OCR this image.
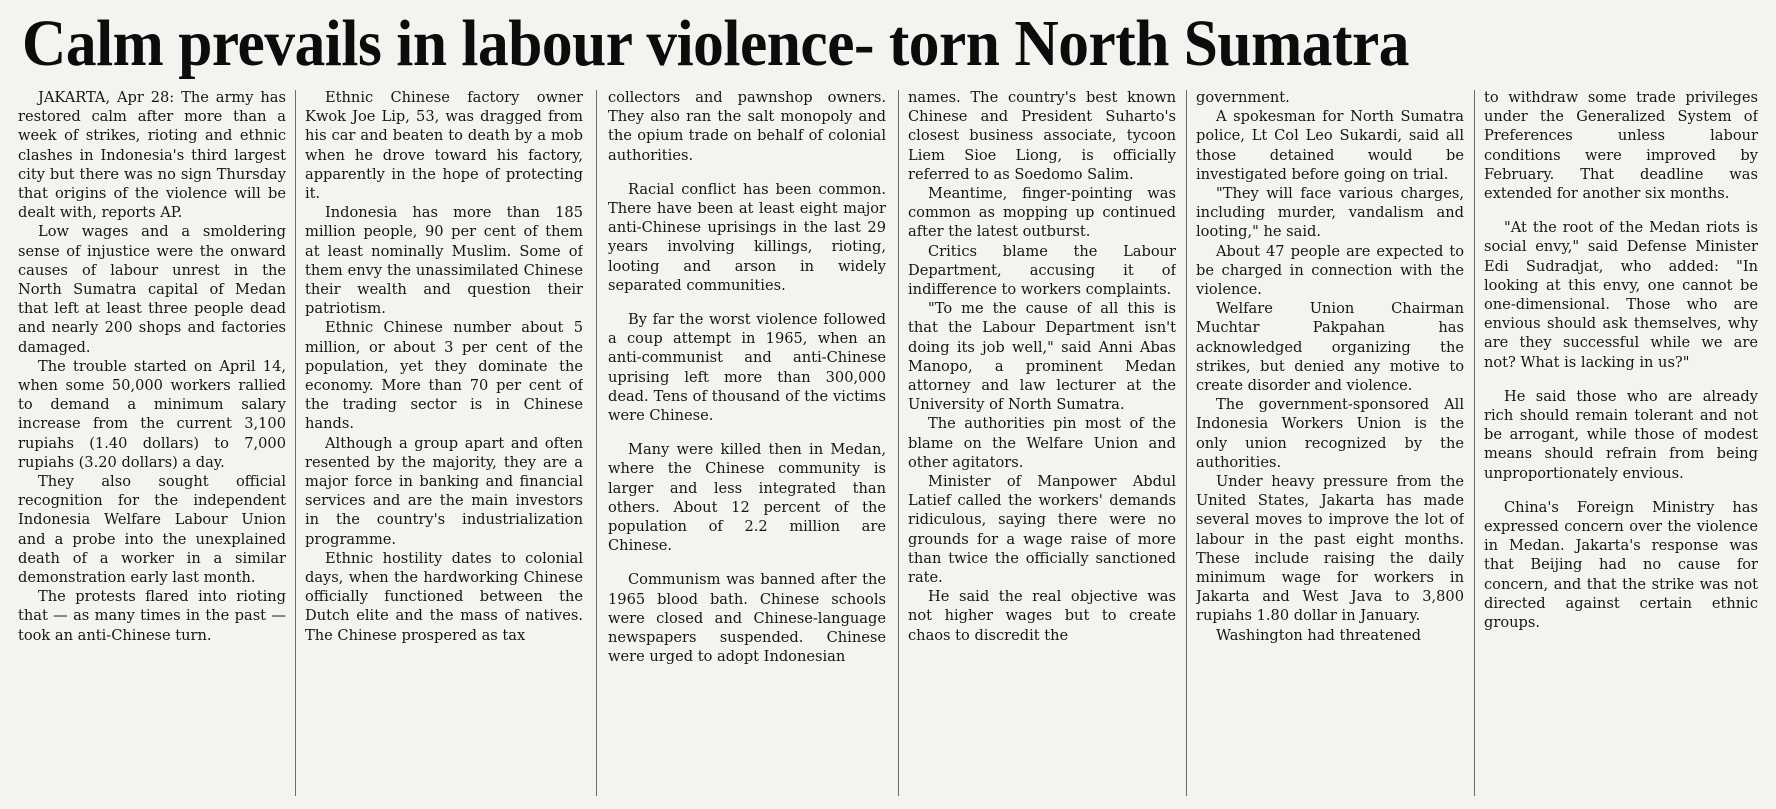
Calm prevails in labour violence- torn North Sumatra

JAKARTA, Apr 28: The army has restored calm after more than a week of strikes, rioting and ethnic clashes in Indonesia's third largest city but there was no sign Thursday that origins of the violence will be dealt with, reports AP.

Low wages and a smoldering sense of injustice were the onward causes of labour unrest in the North Sumatra capital of Medan that left at least three people dead and nearly 200 shops and factories damaged.

The trouble started on April 14, when some 50,000 workers rallied to demand a minimum salary increase from the current 3,100 rupiahs (1.40 dollars) to 7,000 rupiahs (3.20 dollars) a day.

They also sought official recognition for the independent Indonesia Welfare Labour Union and a probe into the unexplained death of a worker in a similar demonstration early last month.

The protests flared into rioting that — as many times in the past — took an anti-Chinese turn.

Ethnic Chinese factory owner Kwok Joe Lip, 53, was dragged from his car and beaten to death by a mob when he drove toward his factory, apparently in the hope of protecting it.

Indonesia has more than 185 million people, 90 per cent of them at least nominally Muslim. Some of them envy the unassimilated Chinese their wealth and question their patriotism.

Ethnic Chinese number about 5 million, or about 3 per cent of the population, yet they dominate the economy. More than 70 per cent of the trading sector is in Chinese hands.

Although a group apart and often resented by the majority, they are a major force in banking and financial services and are the main investors in the country's industrialization programme.

Ethnic hostility dates to colonial days, when the hardworking Chinese officially functioned between the Dutch elite and the mass of natives. The Chinese prospered as tax

collectors and pawnshop owners. They also ran the salt monopoly and the opium trade on behalf of colonial authorities.

Racial conflict has been common. There have been at least eight major anti-Chinese uprisings in the last 29 years involving killings, rioting, looting and arson in widely separated communities.

By far the worst violence followed a coup attempt in 1965, when an anti-communist and anti-Chinese uprising left more than 300,000 dead. Tens of thousand of the victims were Chinese.

Many were killed then in Medan, where the Chinese community is larger and less integrated than others. About 12 percent of the population of 2.2 million are Chinese.

Communism was banned after the 1965 blood bath. Chinese schools were closed and Chinese-language newspapers suspended. Chinese were urged to adopt Indonesian

names. The country's best known Chinese and President Suharto's closest business associate, tycoon Liem Sioe Liong, is officially referred to as Soedomo Salim.

Meantime, finger-pointing was common as mopping up continued after the latest outburst.

Critics blame the Labour Department, accusing it of indifference to workers complaints.

"To me the cause of all this is that the Labour Department isn't doing its job well," said Anni Abas Manopo, a prominent Medan attorney and law lecturer at the University of North Sumatra.

The authorities pin most of the blame on the Welfare Union and other agitators.

Minister of Manpower Abdul Latief called the workers' demands ridiculous, saying there were no grounds for a wage raise of more than twice the officially sanctioned rate.

He said the real objective was not higher wages but to create chaos to discredit the

government.

A spokesman for North Sumatra police, Lt Col Leo Sukardi, said all those detained would be investigated before going on trial.

"They will face various charges, including murder, vandalism and looting," he said.

About 47 people are expected to be charged in connection with the violence.

Welfare Union Chairman Muchtar Pakpahan has acknowledged organizing the strikes, but denied any motive to create disorder and violence.

The government-sponsored All Indonesia Workers Union is the only union recognized by the authorities.

Under heavy pressure from the United States, Jakarta has made several moves to improve the lot of labour in the past eight months. These include raising the daily minimum wage for workers in Jakarta and West Java to 3,800 rupiahs 1.80 dollar in January.

Washington had threatened

to withdraw some trade privileges under the Generalized System of Preferences unless labour conditions were improved by February. That deadline was extended for another six months.

"At the root of the Medan riots is social envy," said Defense Minister Edi Sudradjat, who added: "In looking at this envy, one cannot be one-dimensional. Those who are envious should ask themselves, why are they successful while we are not? What is lacking in us?"

He said those who are already rich should remain tolerant and not be arrogant, while those of modest means should refrain from being unproportionately envious.

China's Foreign Ministry has expressed concern over the violence in Medan. Jakarta's response was that Beijing had no cause for concern, and that the strike was not directed against certain ethnic groups.
